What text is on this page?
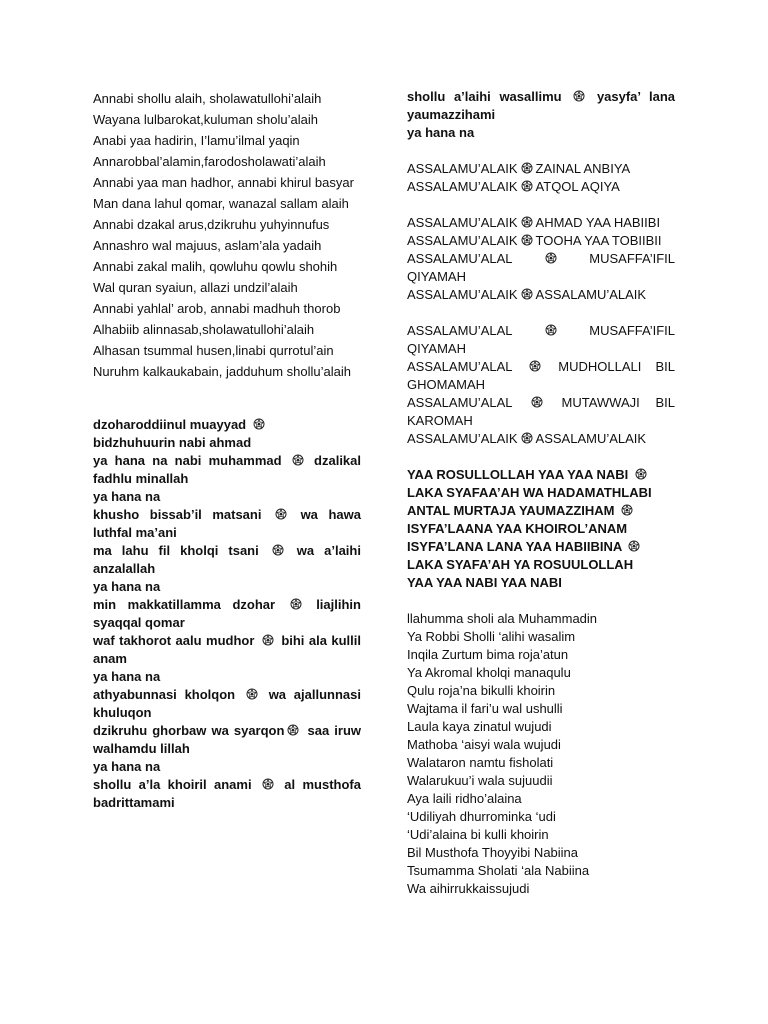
Annabi shollu alaih, sholawatullohi’alaih
Wayana lulbarokat,kuluman sholu’alaih
Anabi yaa hadirin, I’lamu’ilmal yaqin
Annarobbal’alamin,farodosholawati’alaih
Annabi yaa man hadhor, annabi khirul basyar
Man dana lahul qomar, wanazal sallam alaih
Annabi dzakal arus,dzikruhu yuhyinnufus
Annashro wal majuus, aslam’ala yadaih
Annabi zakal malih, qowluhu qowlu shohih
Wal quran syaiun, allazi undzil’alaih
Annabi yahlal’ arob, annabi madhuh thorob
Alhabiib alinnasab,sholawatullohi’alaih
Alhasan tsummal husen,linabi qurrotul’ain
Nuruhm kalkaukabain, jadduhum shollu’alaih
dzoharoddiinul muayyad
bidzhuhuurin nabi ahmad
ya hana na nabi muhammad dzalikal fadhlu minallah
ya hana na
khusho bissab’il matsani	wa hawa luthfal ma’ani
ma lahu fil kholqi tsani	wa a’laihi anzalallah
ya hana na
min makkatillamma dzohar	liajlihin syaqqal qomar
waf takhorot aalu mudhor bihi ala kullil anam
ya hana na
athyabunnasi kholqon	wa ajallunnasi khuluqon
dzikruhu ghorbaw wa syarqon saa iruw walhamdu lillah
ya hana na
shollu a’la khoiril anami	al musthofa badrittamami
shollu a’laihi wasallimu	yasyfa’ lana yaumazzihami
ya hana na
ASSALAMU’ALAIK ZAINAL ANBIYA
ASSALAMU’ALAIK ATQOL AQIYA
ASSALAMU’ALAIK AHMAD YAA HABIIBI
ASSALAMU’ALAIK TOOHA YAA TOBIIBII
ASSALAMU’ALAL	MUSAFFA’IFIL QIYAMAH
ASSALAMU’ALAIK ASSALAMU’ALAIK
ASSALAMU’ALAL	MUSAFFA’IFIL QIYAMAH
ASSALAMU’ALAL	MUDHOLLALI BIL GHOMAMAH
ASSALAMU’ALAL	MUTAWWAJI BIL KAROMAH
ASSALAMU’ALAIK ASSALAMU’ALAIK
YAA ROSULLOLLAH YAA YAA NABI
LAKA SYAFAA’AH WA HADAMATHLABI
ANTAL MURTAJA YAUMAZZIHAM
ISYFA’LAANA YAA KHOIROL’ANAM
ISYFA’LANA LANA YAA HABIIBINA
LAKA SYAFA’AH YA ROSUULOLLAH
YAA YAA NABI YAA NABI
llahumma sholi ala Muhammadin
Ya Robbi Sholli ‘alihi wasalim
Inqila Zurtum bima roja’atun
Ya Akromal kholqi manaqulu
Qulu roja’na bikulli khoirin
Wajtama il fari’u wal ushulli
Laula kaya zinatul wujudi
Mathoba ‘aisyi wala wujudi
Walataron namtu fisholati
Walarukuu’i wala sujuudii
Aya laili ridho’alaina
‘Udiliyah dhurrominka ‘udi
‘Udi’alaina bi kulli khoirin
Bil Musthofa Thoyyibi Nabiina
Tsumamma Sholati ‘ala Nabiina
Wa aihirrukkaissujudi
